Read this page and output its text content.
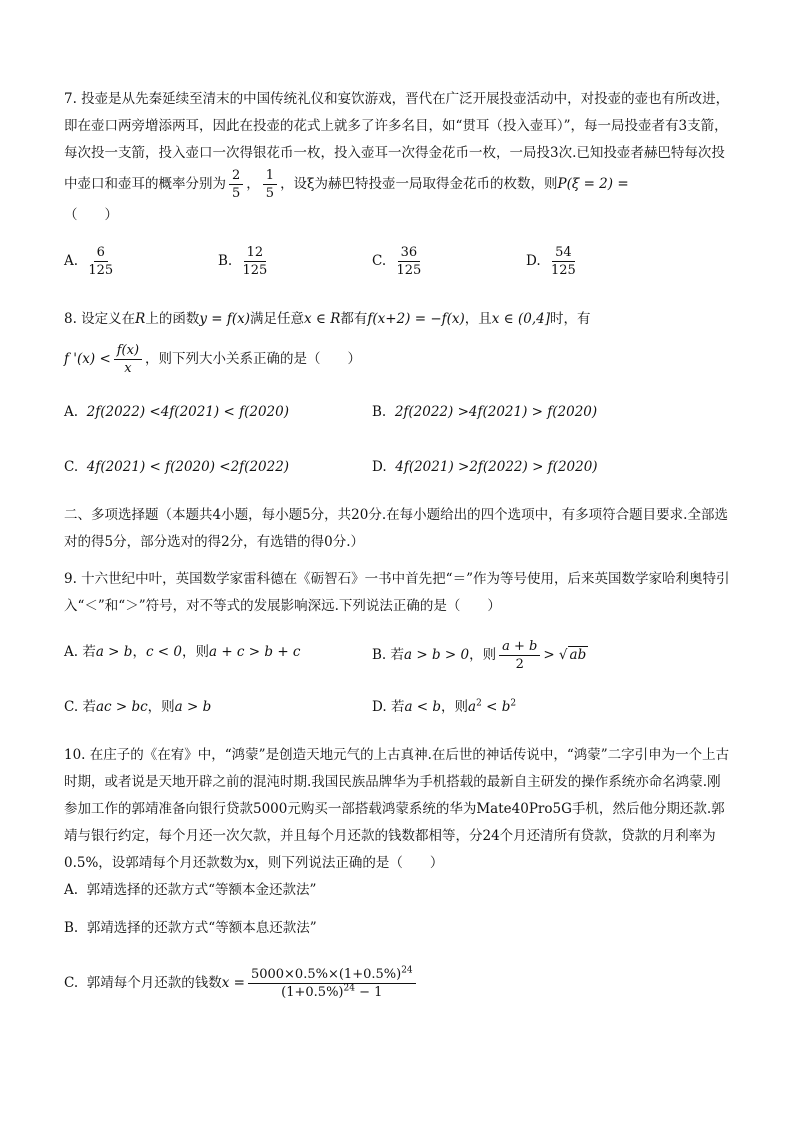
7. 投壶是从先秦延续至清末的中国传统礼仪和宴饮游戏，晋代在广泛开展投壶活动中，对投壶的壶也有所改进，即在壶口两旁增添两耳，因此在投壶的花式上就多了许多名目，如“贯耳（投入壶耳）”，每一局投壶者有3支箭，每次投一支箭，投入壶口一次得银花币一枚，投入壶耳一次得金花币一枚，一局投3次.已知投壶者赫巴特每次投中壶口和壶耳的概率分别为 $\frac{2}{5}$ ， $\frac{1}{5}$ ，设ξ为赫巴特投壶一局取得金花币的枚数，则P(ξ = 2) =
（　　）
A. $\frac{6}{125}$	B. $\frac{12}{125}$	C. $\frac{36}{125}$	D. $\frac{54}{125}$
8. 设定义在R上的函数y = f(x)满足任意x ∈ R都有f(x+2) = −f(x)，且x ∈ (0,4]时，有
f '$(x) < \frac{f(x)}{x}$ ，则下列大小关系正确的是（　　）
A. 2f(2022) <4f(2021) < f(2020)	B. 2f(2022) >4f(2021) > f(2020)
C. 4f(2021) < f(2020) <2f(2022)	D. 4f(2021) >2f(2022) > f(2020)
二、多项选择题（本题共4小题，每小题5分，共20分.在每小题给出的四个选项中，有多项符合题目要求.全部选对的得5分，部分选对的得2分，有选错的得0分.）
9. 十六世纪中叶，英国数学家雷科德在《砺智石》一书中首先把“＝”作为等号使用，后来英国数学家哈利奥特引入“＜”和“＞”符号，对不等式的发展影响深远.下列说法正确的是（　　）
A. 若a > b，c < 0，则a + c > b + c	B. 若a > b > 0，则 $\frac{a + b}{2}$ > √ ab
C. 若ac > bc，则a > b	D. 若a < b，则$a^2 < b^2$
10. 在庄子的《在宥》中，“鸿蒙”是创造天地元气的上古真神.在后世的神话传说中，“鸿蒙”二字引申为一个上古时期，或者说是天地开辟之前的混沌时期.我国民族品牌华为手机搭载的最新自主研发的操作系统亦命名鸿蒙.刚参加工作的郭靖准备向银行贷款5000元购买一部搭载鸿蒙系统的华为Mate40Pro5G手机，然后他分期还款.郭靖与银行约定，每个月还一次欠款，并且每个月还款的钱数都相等，分24个月还清所有贷款，贷款的月利率为0.5%，设郭靖每个月还款数为x，则下列说法正确的是（　　）
A. 郭靖选择的还款方式“等额本金还款法”
B. 郭靖选择的还款方式“等额本息还款法”
C. 郭靖每个月还款的钱数$x = \frac{5000\times 0.5\%\times(1+0.5\%)^{24}}{(1+0.5\%)^{24} - 1}$
